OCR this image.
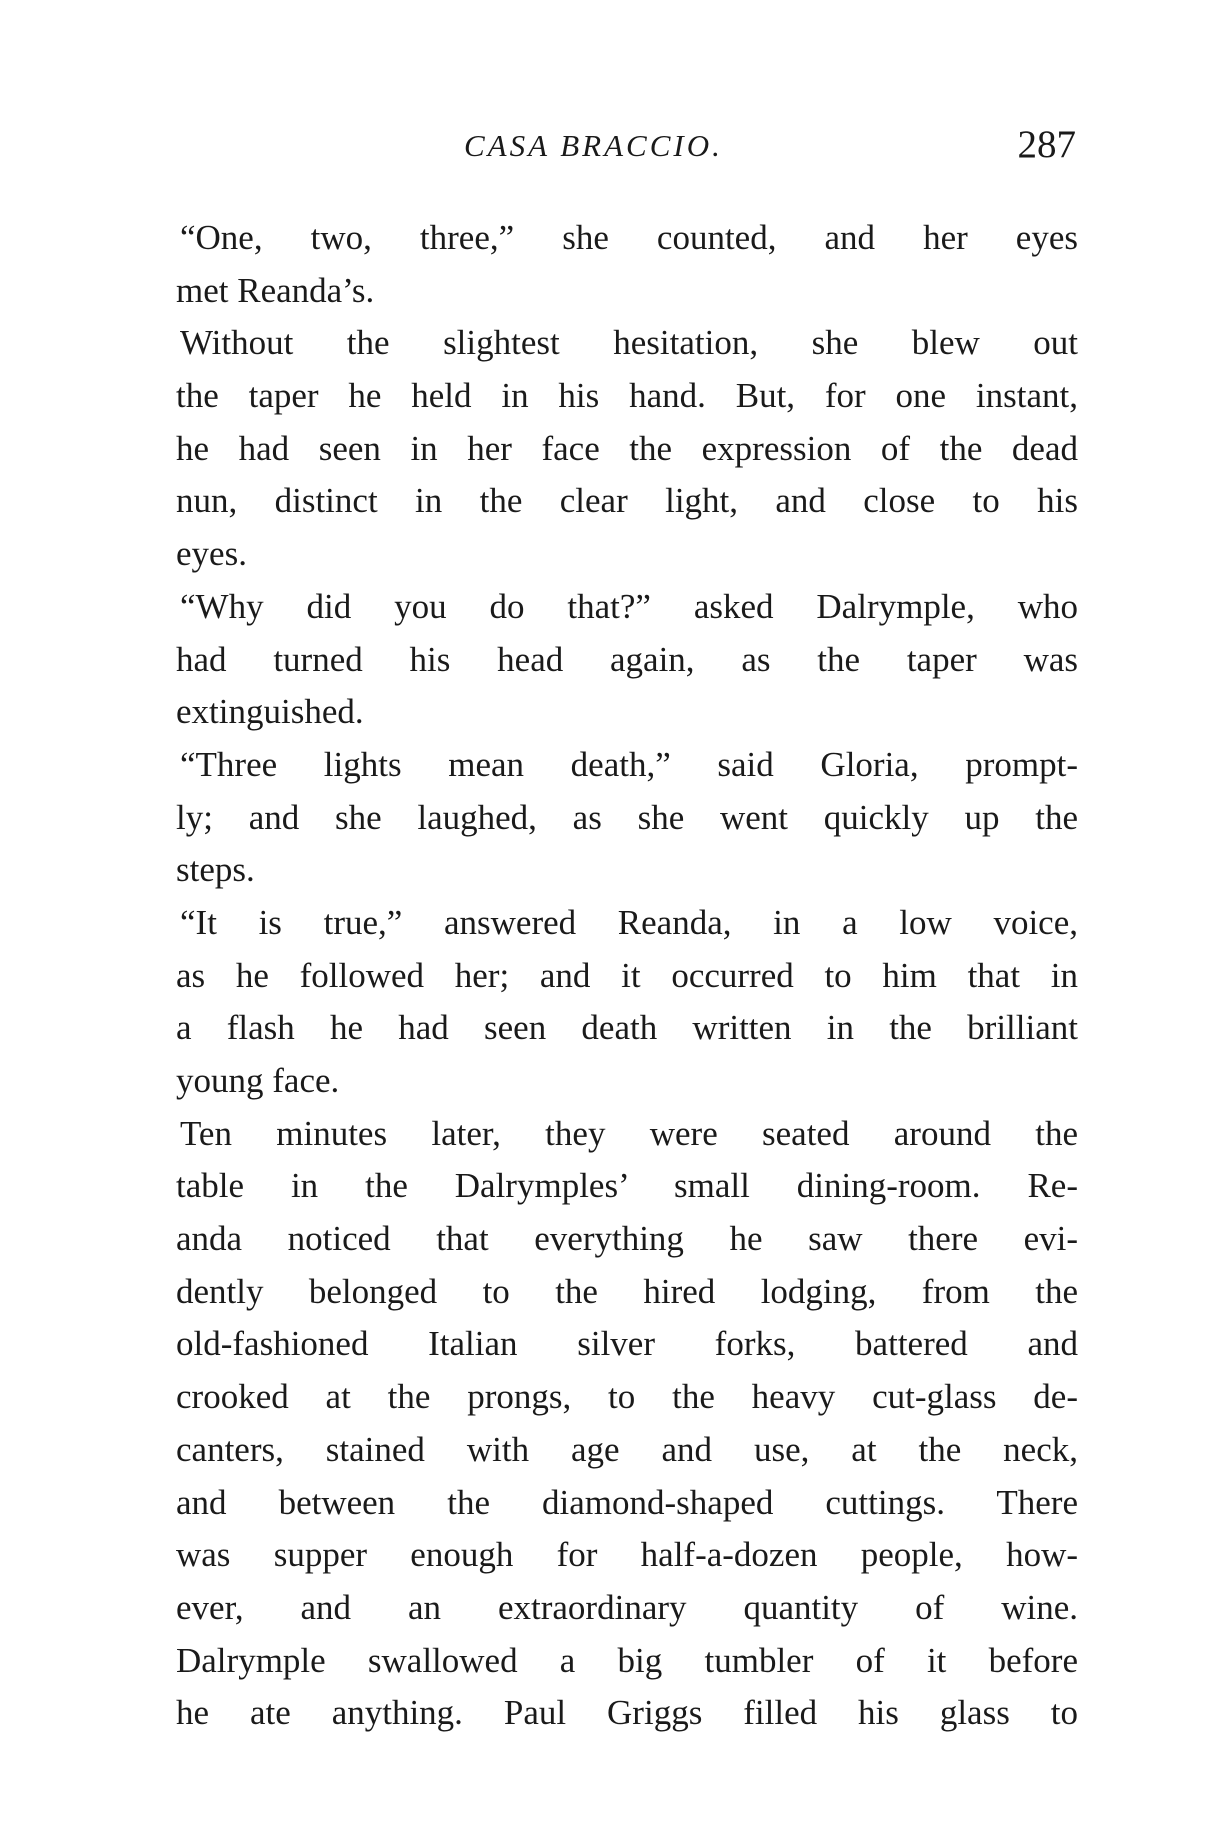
CASA BRACCIO.	287
“One, two, three,” she counted, and her eyes
met Reanda’s.
Without the slightest hesitation, she blew out
the taper he held in his hand. But, for one instant,
he had seen in her face the expression of the dead
nun, distinct in the clear light, and close to his
eyes.
“Why did you do that?” asked Dalrymple, who
had turned his head again, as the taper was
extinguished.
“Three lights mean death,” said Gloria, prompt-
ly; and she laughed, as she went quickly up the
steps.
“It is true,” answered Reanda, in a low voice,
as he followed her; and it occurred to him that in
a flash he had seen death written in the brilliant
young face.
Ten minutes later, they were seated around the
table in the Dalrymples’ small dining-room. Re-
anda noticed that everything he saw there evi-
dently belonged to the hired lodging, from the
old-fashioned Italian silver forks, battered and
crooked at the prongs, to the heavy cut-glass de-
canters, stained with age and use, at the neck,
and between the diamond-shaped cuttings. There
was supper enough for half-a-dozen people, how-
ever, and an extraordinary quantity of wine.
Dalrymple swallowed a big tumbler of it before
he ate anything. Paul Griggs filled his glass to
